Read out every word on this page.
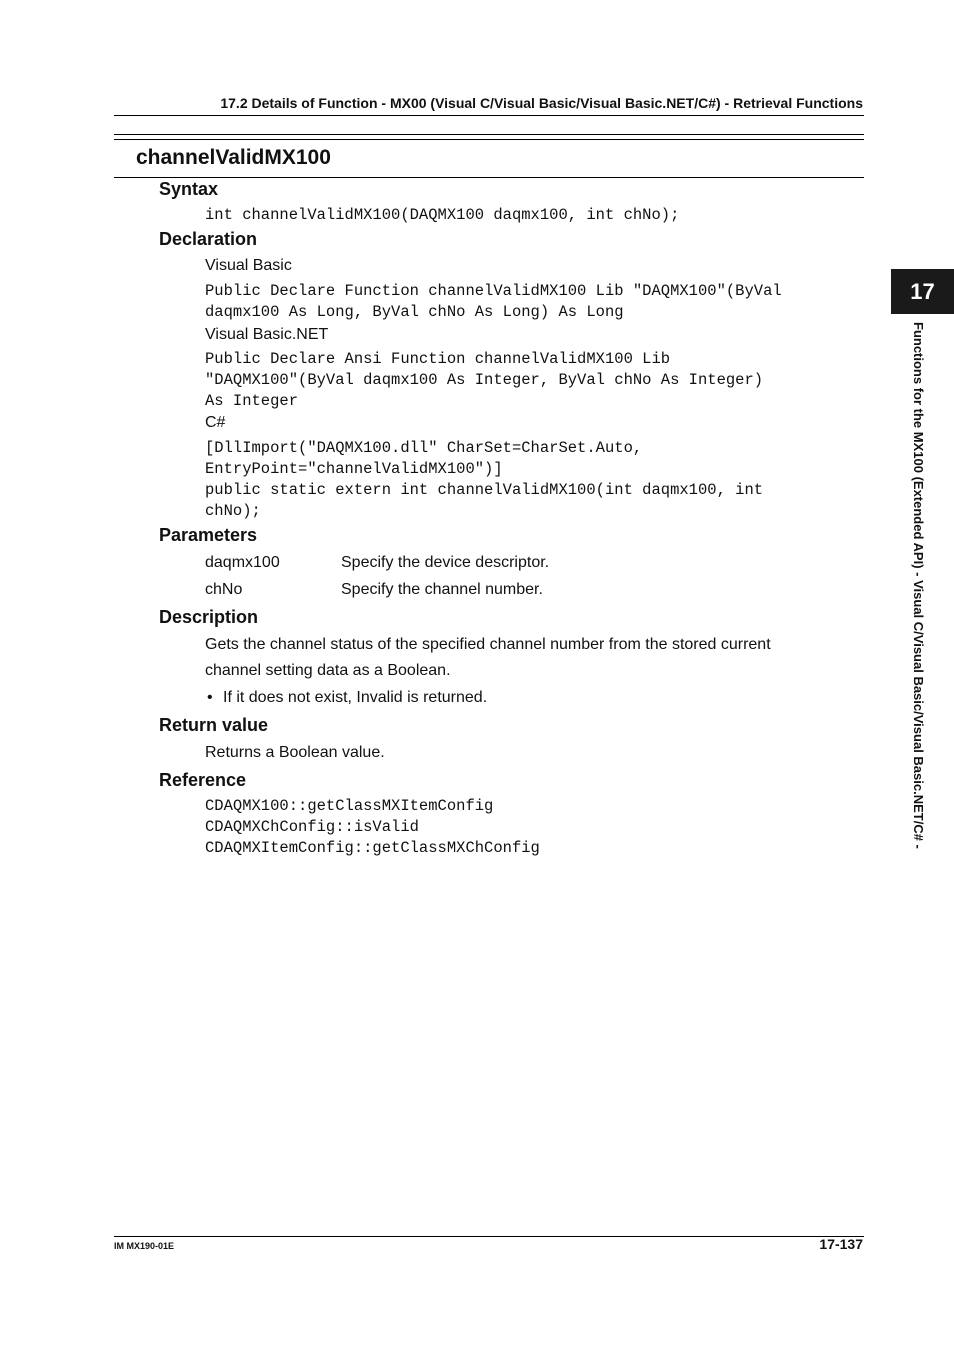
17.2 Details of Function - MX00 (Visual C/Visual Basic/Visual Basic.NET/C#) - Retrieval Functions
channelValidMX100
Syntax
int channelValidMX100(DAQMX100 daqmx100, int chNo);
Declaration
Visual Basic
Public Declare Function channelValidMX100 Lib "DAQMX100"(ByVal
daqmx100 As Long, ByVal chNo As Long) As Long
Visual Basic.NET
Public Declare Ansi Function channelValidMX100 Lib
"DAQMX100"(ByVal daqmx100 As Integer, ByVal chNo As Integer)
As Integer
C#
[DllImport("DAQMX100.dll" CharSet=CharSet.Auto,
EntryPoint="channelValidMX100")]
public static extern int channelValidMX100(int daqmx100, int
chNo);
Parameters
daqmx100	Specify the device descriptor.
chNo	Specify the channel number.
Description
Gets the channel status of the specified channel number from the stored current
channel setting data as a Boolean.
• If it does not exist, Invalid is returned.
Return value
Returns a Boolean value.
Reference
CDAQMX100::getClassMXItemConfig
CDAQMXChConfig::isValid
CDAQMXItemConfig::getClassMXChConfig
17
Functions for the MX100 (Extended API) - Visual C/Visual Basic/Visual Basic.NET/C# -
IM MX190-01E	17-137
